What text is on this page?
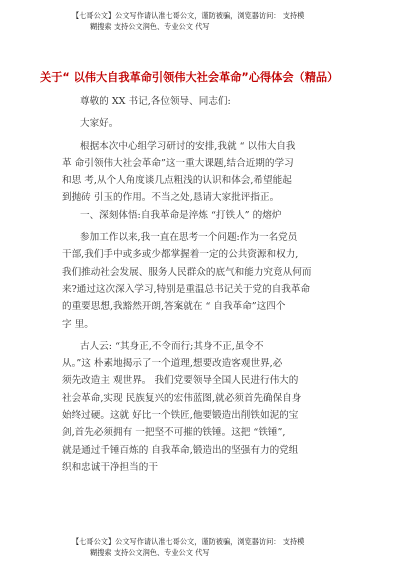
【七哥公文】公文写作请认准七哥公文，谨防被骗，浏览器访问： 支持模
糊搜索 支持公文润色、专业公文 代写
关于“ 以伟大自我革命引领伟大社会革命”心得体会（精品）
尊敬的 XX 书记,各位领导、同志们:
大家好。
根据本次中心组学习研讨的安排,我就 “ 以伟大自我
革 命引领伟大社会革命”这一重大课题,结合近期的学习
和思 考,从个人角度谈几点粗浅的认识和体会,希望能起
到抛砖 引玉的作用。不当之处,恳请大家批评指正。
一、深刻体悟:自我革命是淬炼 “打铁人” 的熔炉
参加工作以来,我一直在思考一个问题:作为一名党员
干部,我们手中或多或少都掌握着一定的公共资源和权力,
我们推动社会发展、服务人民群众的底气和能力究竟从何而
来?通过这次深入学习,特别是重温总书记关于党的自我革命
的重要思想,我豁然开朗,答案就在 “ 自我革命”这四个
字 里。
古人云: “其身正,不令而行;其身不正,虽令不
从。”这 朴素地揭示了一个道理,想要改造客观世界,必
须先改造主 观世界。 我们党要领导全国人民进行伟大的
社会革命,实现 民族复兴的宏伟蓝图,就必须首先确保自身
始终过硬。这就 好比一个铁匠,他要锻造出削铁如泥的宝
剑,首先必须拥有 一把坚不可摧的铁锤。这把 “铁锤”,
就是通过千锤百炼的 自我革命,锻造出的坚强有力的党组
织和忠诚干净担当的干
【七哥公文】公文写作请认准七哥公文，谨防被骗，浏览器访问： 支持模
糊搜索 支持公文润色、专业公文 代写
